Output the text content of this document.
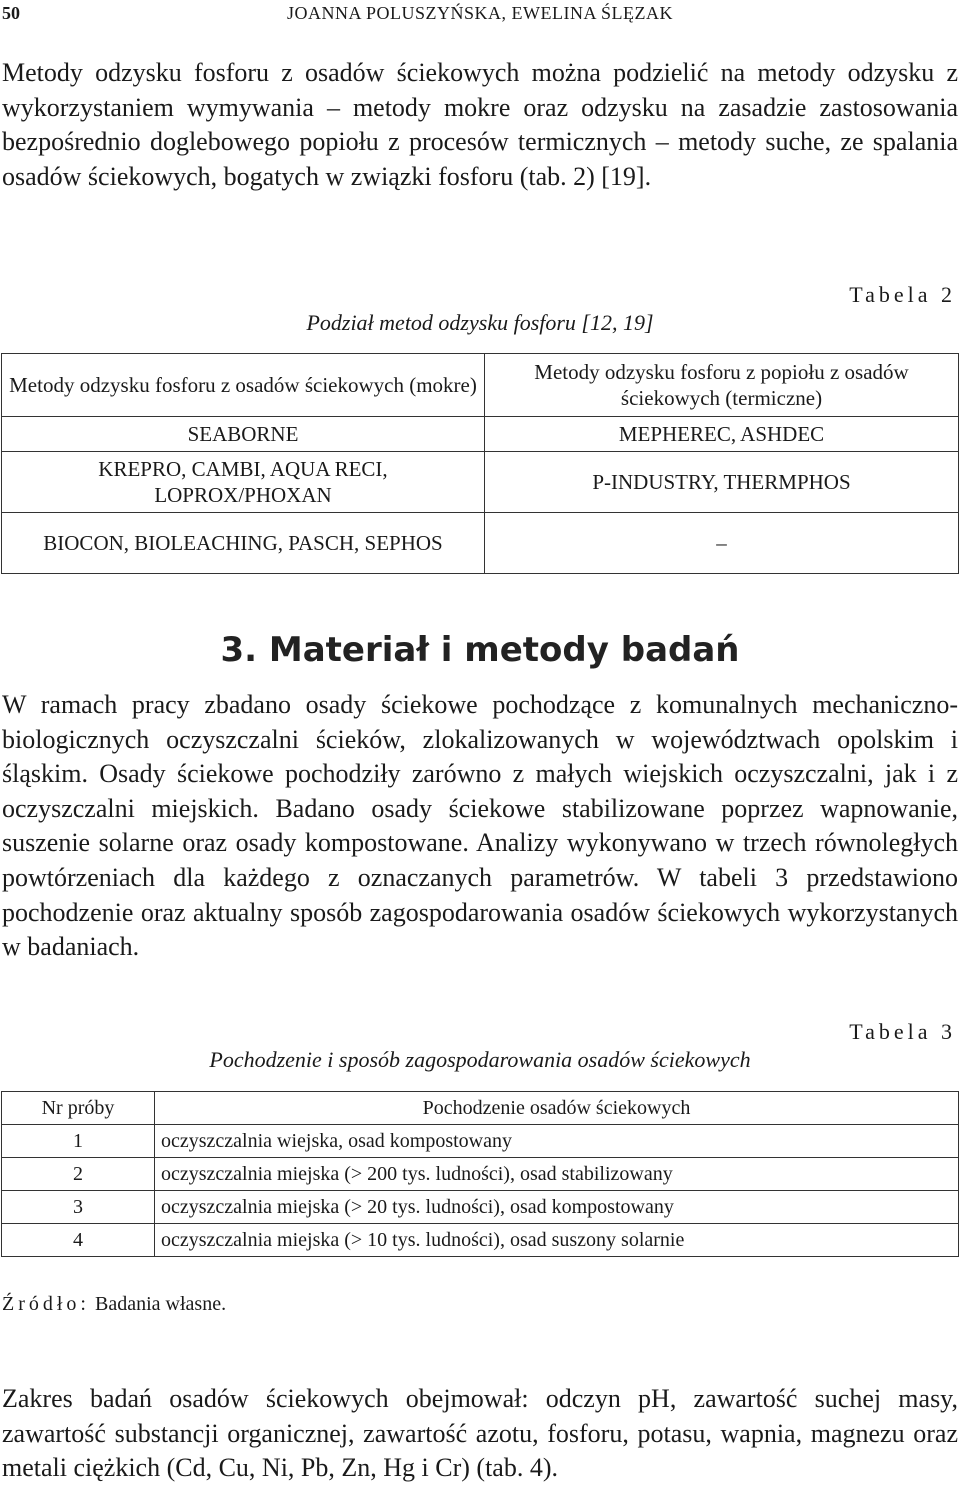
50	JOANNA POLUSZYŃSKA, EWELINA ŚLĘZAK

Metody odzysku fosforu z osadów ściekowych można podzielić na metody odzysku z wykorzystaniem wymywania – metody mokre oraz odzysku na zasadzie zastosowania bezpośrednio doglebowego popiołu z procesów termicznych – metody suche, ze spalania osadów ściekowych, bogatych w związki fosforu (tab. 2) [19].

Tabela 2
Podział metod odzysku fosforu [12, 19]
Metody odzysku fosforu z osadów ściekowych (mokre)	Metody odzysku fosforu z popiołu z osadów ściekowych (termiczne)
SEABORNE	MEPHEREC, ASHDEC
KREPRO, CAMBI, AQUA RECI, LOPROX/PHOXAN	P-INDUSTRY, THERMPHOS
BIOCON, BIOLEACHING, PASCH, SEPHOS	–
3. Materiał i metody badań

W ramach pracy zbadano osady ściekowe pochodzące z komunalnych mechaniczno-biologicznych oczyszczalni ścieków, zlokalizowanych w województwach opolskim i śląskim. Osady ściekowe pochodziły zarówno z małych wiejskich oczyszczalni, jak i z oczyszczalni miejskich. Badano osady ściekowe stabilizowane poprzez wapnowanie, suszenie solarne oraz osady kompostowane. Analizy wykonywano w trzech równoległych powtórzeniach dla każdego z oznaczanych parametrów. W tabeli 3 przedstawiono pochodzenie oraz aktualny sposób zagospodarowania osadów ściekowych wykorzystanych w badaniach.

Tabela 3
Pochodzenie i sposób zagospodarowania osadów ściekowych
Nr próby	Pochodzenie osadów ściekowych
1	oczyszczalnia wiejska, osad kompostowany
2	oczyszczalnia miejska (> 200 tys. ludności), osad stabilizowany
3	oczyszczalnia miejska (> 20 tys. ludności), osad kompostowany
4	oczyszczalnia miejska (> 10 tys. ludności), osad suszony solarnie
Źródło: Badania własne.

Zakres badań osadów ściekowych obejmował: odczyn pH, zawartość suchej masy, zawartość substancji organicznej, zawartość azotu, fosforu, potasu, wapnia, magnezu oraz metali ciężkich (Cd, Cu, Ni, Pb, Zn, Hg i Cr) (tab. 4).
